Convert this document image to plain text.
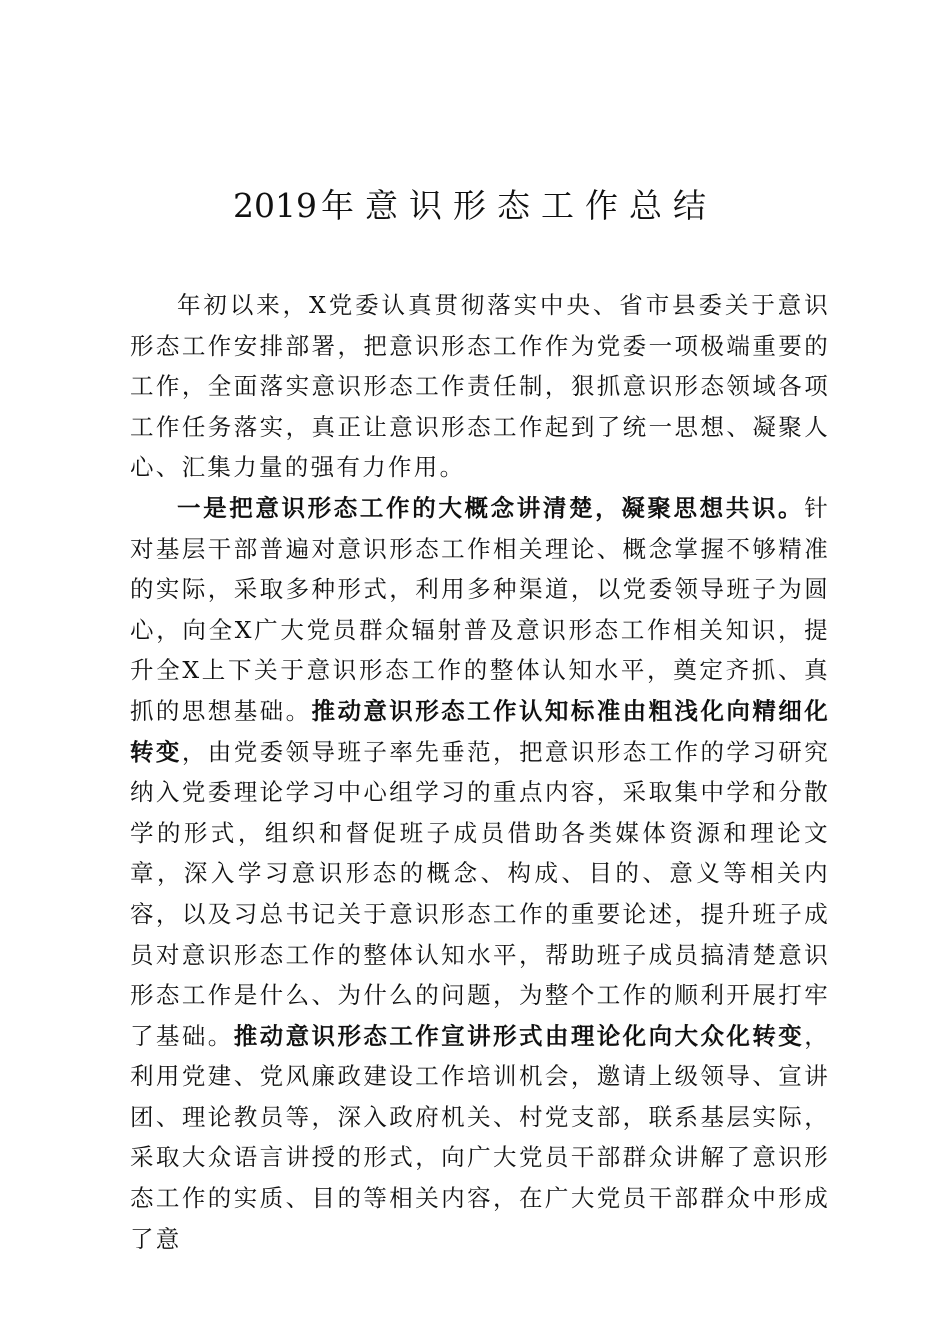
2019 年意识形态工作总结

年初以来，X党委认真贯彻落实中央、省市县委关于意识形态工作安排部署，把意识形态工作作为党委一项极端重要的工作，全面落实意识形态工作责任制，狠抓意识形态领域各项工作任务落实，真正让意识形态工作起到了统一思想、凝聚人心、汇集力量的强有力作用。

一是把意识形态工作的大概念讲清楚，凝聚思想共识。针对基层干部普遍对意识形态工作相关理论、概念掌握不够精准的实际，采取多种形式，利用多种渠道，以党委领导班子为圆心，向全X广大党员群众辐射普及意识形态工作相关知识，提升全X上下关于意识形态工作的整体认知水平，奠定齐抓、真抓的思想基础。推动意识形态工作认知标准由粗浅化向精细化转变，由党委领导班子率先垂范，把意识形态工作的学习研究纳入党委理论学习中心组学习的重点内容，采取集中学和分散学的形式，组织和督促班子成员借助各类媒体资源和理论文章，深入学习意识形态的概念、构成、目的、意义等相关内容，以及习总书记关于意识形态工作的重要论述，提升班子成员对意识形态工作的整体认知水平，帮助班子成员搞清楚意识形态工作是什么、为什么的问题，为整个工作的顺利开展打牢了基础。推动意识形态工作宣讲形式由理论化向大众化转变，利用党建、党风廉政建设工作培训机会，邀请上级领导、宣讲团、理论教员等，深入政府机关、村党支部，联系基层实际，采取大众语言讲授的形式，向广大党员干部群众讲解了意识形态工作的实质、目的等相关内容，在广大党员干部群众中形成了意
